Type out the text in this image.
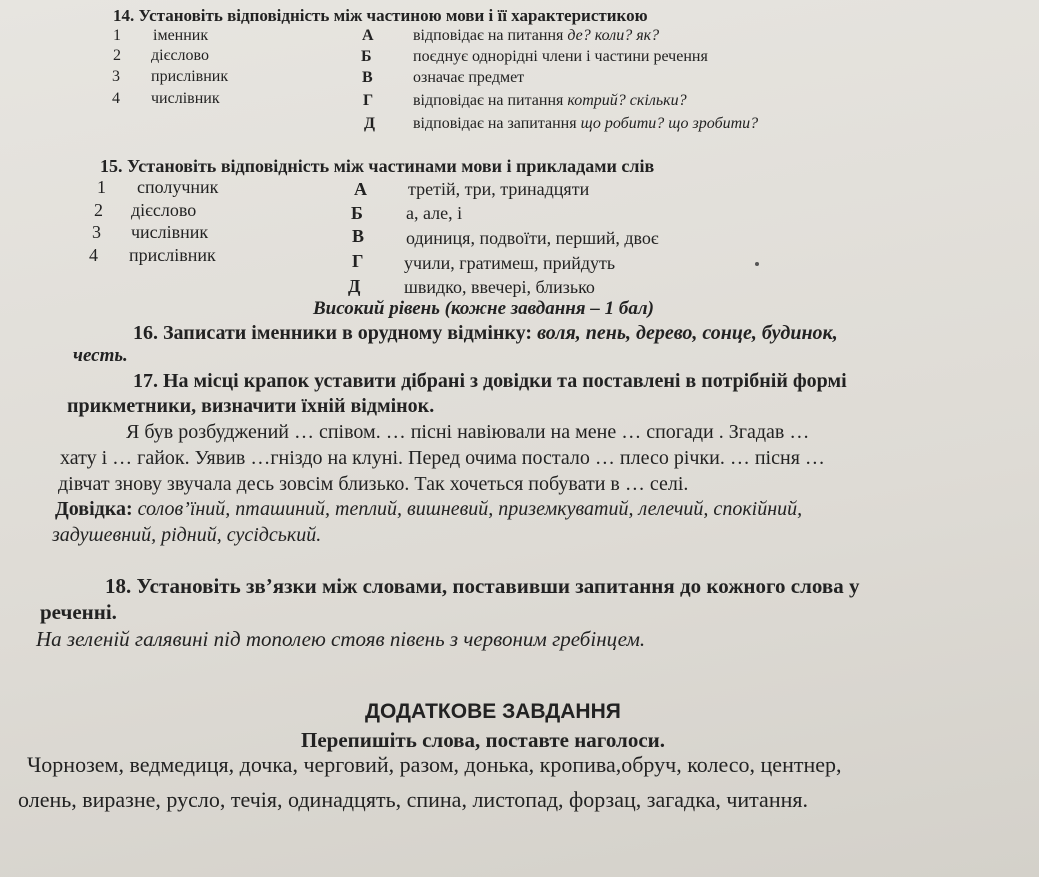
14. Установіть відповідність між частиною мови і її характеристикою
1 іменник
2 дієслово
3 прислівник
4 числівник
А відповідає на питання де? коли? як?
Б	поєднує однорідні члени і частини речення
В	означає предмет
Г відповідає на питання котрий? скільки?
Д відповідає на запитання що робити? що зробити?
15. Установіть відповідність між частинами мови і прикладами слів
1 сполучник
2 дієслово
3 числівник
4 прислівник
А третій, три, тринадцяти
Б а, але, і
В одиниця, подвоїти, перший, двоє
Г учили, гратимеш, прийдуть
Д швидко, ввечері, близько
Високий рівень (кожне завдання – 1 бал)
16. Записати іменники в орудному відмінку: воля, пень, дерево, сонце, будинок,
честь.
17. На місці крапок уставити дібрані з довідки та поставлені в потрібній формі
прикметники, визначити їхній відмінок.
Я був розбуджений … співом. … пісні навіювали на мене … спогади . Згадав …
хату і … гайок. Уявив …гніздо на клуні. Перед очима постало … плесо річки. … пісня …
дівчат знову звучала десь зовсім близько. Так хочеться побувати в … селі.
Довідка: солов’їний, пташиний, теплий, вишневий, приземкуватий, лелечий, спокійний,
задушевний, рідний, сусідський.
18. Установіть зв’язки між словами, поставивши запитання до кожного слова у
реченні.
На зеленій галявині під тополею стояв півень з червоним гребінцем.
ДОДАТКОВЕ ЗАВДАННЯ
Перепишіть слова, поставте наголоси.
Чорнозем, ведмедиця, дочка, черговий, разом, донька, кропива,обруч, колесо, центнер,
олень, виразне, русло, течія, одинадцять, спина, листопад, форзац, загадка, читання.
